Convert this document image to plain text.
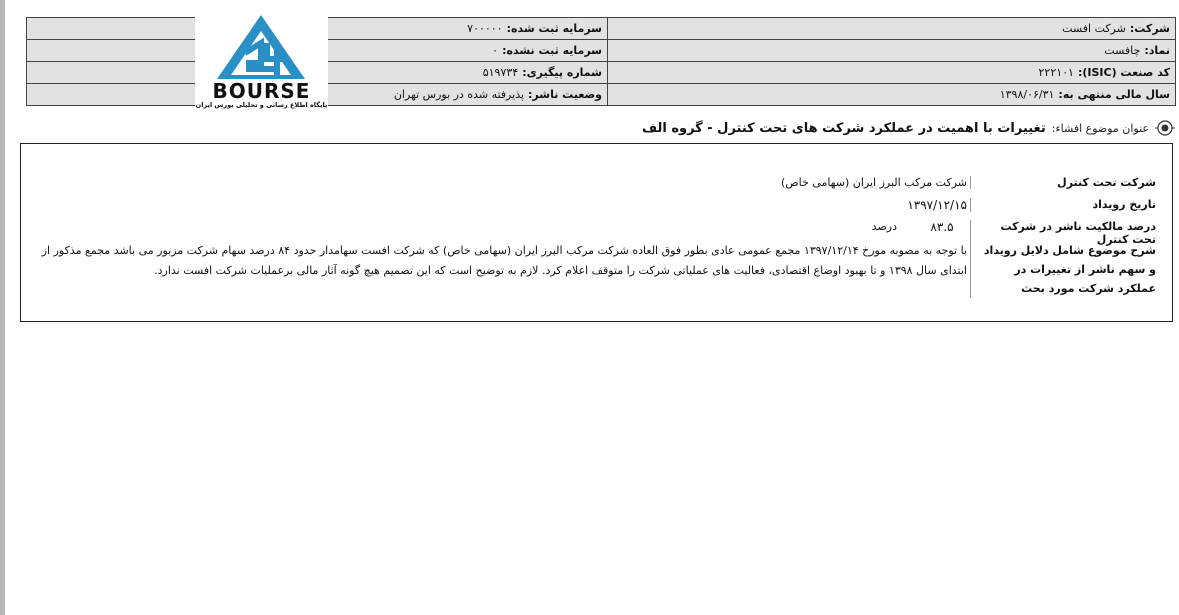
شرکت:شرکت افست	سرمایه ثبت شده:۷۰۰۰۰۰	
نماد:چافست	سرمایه ثبت نشده:۰	
کد صنعت (ISIC):۲۲۲۱۰۱	شماره پیگیری:۵۱۹۷۳۴	
سال مالی منتهی به:۱۳۹۸/۰۶/۳۱	وضعیت ناشر:پذیرفته شده در بورس تهران	
BOURSE
پایگاه اطلاع رسانی و تحلیلی بورس ایران
عنوان موضوع افشاء:
تغییرات با اهمیت در عملکرد شرکت های تحت کنترل - گروه الف
شرکت تحت کنترل
شرکت مرکب البرز ایران (سهامی خاص)
تاریخ رویداد
۱۳۹۷/۱۲/۱۵
درصد مالکیت ناشر در شرکت تحت کنترل
۸۳.۵
درصد
شرح موضوع شامل دلایل رویداد و سهم ناشر از تغییرات در عملکرد شرکت مورد بحث
با توجه به مصوبه مورخ ۱۳۹۷/۱۲/۱۴ مجمع عمومی عادی بطور فوق العاده شرکت مرکب البرز ایران (سهامی خاص) که شرکت افست سهامدار حدود ۸۴ درصد سهام شرکت مزبور می باشد مجمع مذکور از ابتدای سال ۱۳۹۸ و تا بهبود اوضاع اقتصادی، فعالیت های عملیاتی شرکت را متوقف اعلام کرد. لازم به توضیح است که این تصمیم هیچ گونه آثار مالی برعملیات شرکت افست ندارد.
